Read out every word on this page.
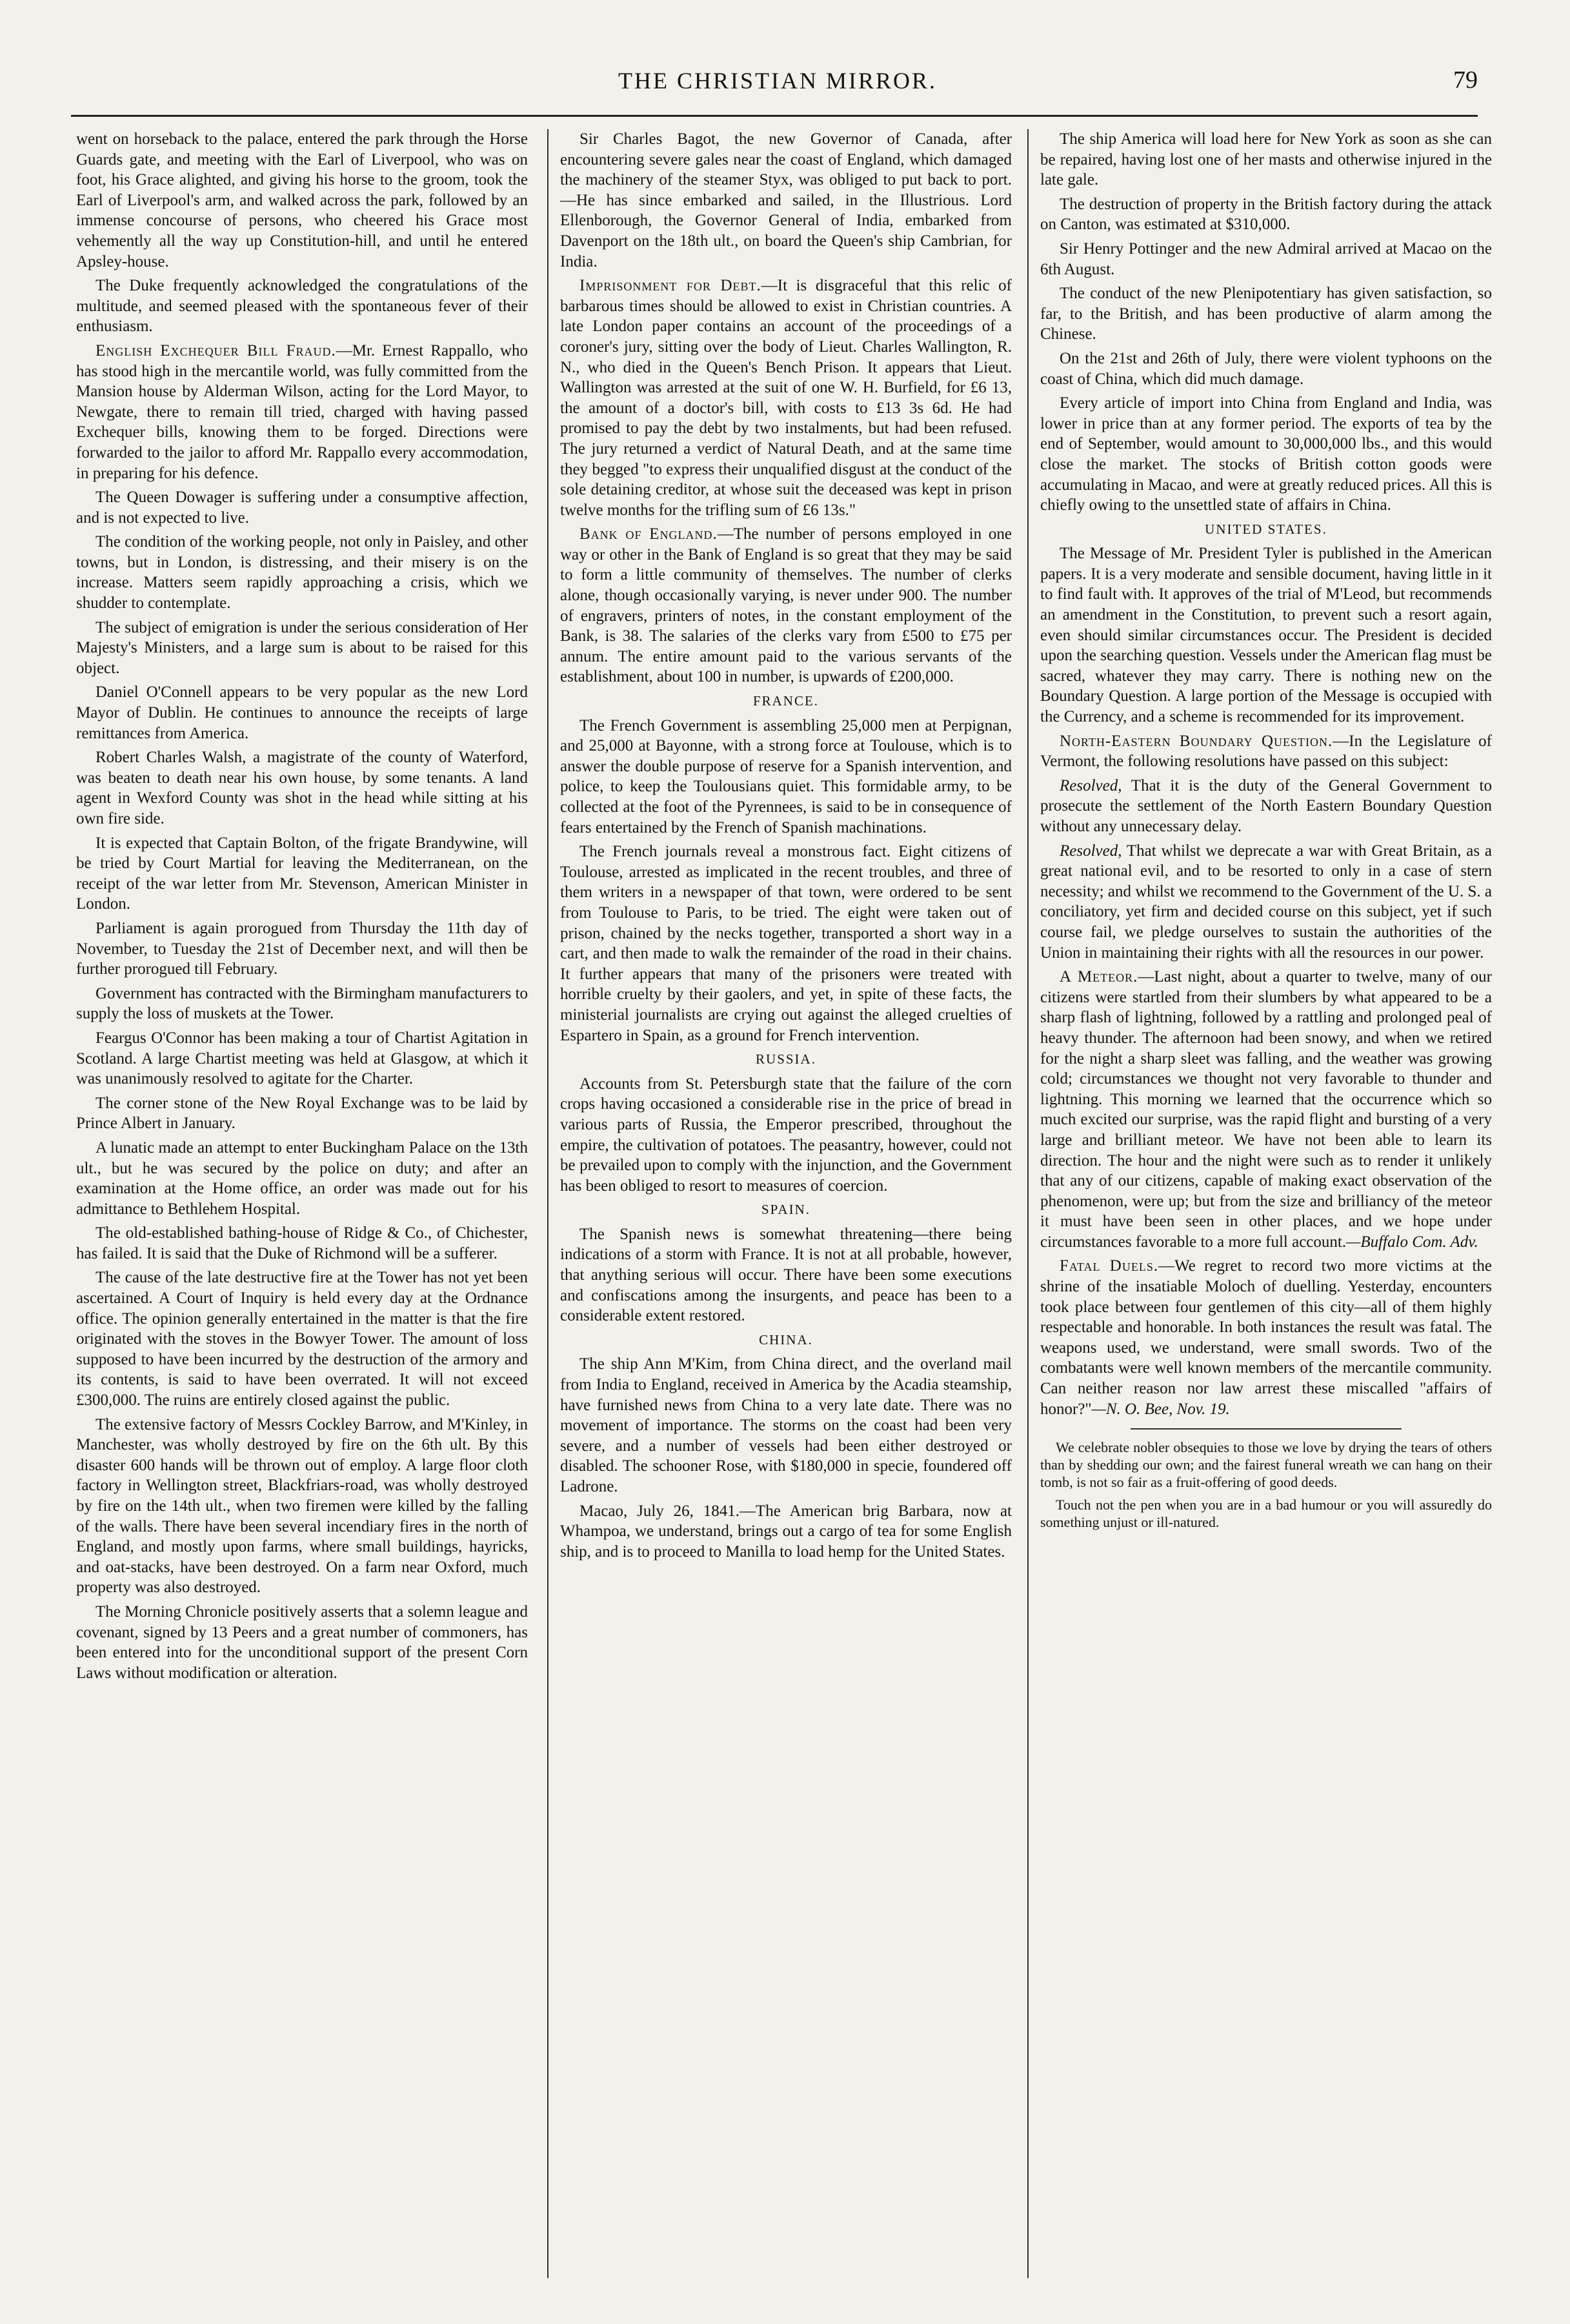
THE CHRISTIAN MIRROR.	79

went on horseback to the palace, entered the park through the Horse Guards gate, and meeting with the Earl of Liverpool, who was on foot, his Grace alighted, and giving his horse to the groom, took the Earl of Liverpool's arm, and walked across the park, followed by an immense concourse of persons, who cheered his Grace most vehemently all the way up Constitution-hill, and until he entered Apsley-house.

The Duke frequently acknowledged the congratulations of the multitude, and seemed pleased with the spontaneous fever of their enthusiasm.

English Exchequer Bill Fraud.—Mr. Ernest Rappallo, who has stood high in the mercantile world, was fully committed from the Mansion house by Alderman Wilson, acting for the Lord Mayor, to Newgate, there to remain till tried, charged with having passed Exchequer bills, knowing them to be forged. Directions were forwarded to the jailor to afford Mr. Rappallo every accommodation, in preparing for his defence.

The Queen Dowager is suffering under a consumptive affection, and is not expected to live.

The condition of the working people, not only in Paisley, and other towns, but in London, is distressing, and their misery is on the increase. Matters seem rapidly approaching a crisis, which we shudder to contemplate.

The subject of emigration is under the serious consideration of Her Majesty's Ministers, and a large sum is about to be raised for this object.

Daniel O'Connell appears to be very popular as the new Lord Mayor of Dublin. He continues to announce the receipts of large remittances from America.

Robert Charles Walsh, a magistrate of the county of Waterford, was beaten to death near his own house, by some tenants. A land agent in Wexford County was shot in the head while sitting at his own fire side.

It is expected that Captain Bolton, of the frigate Brandywine, will be tried by Court Martial for leaving the Mediterranean, on the receipt of the war letter from Mr. Stevenson, American Minister in London.

Parliament is again prorogued from Thursday the 11th day of November, to Tuesday the 21st of December next, and will then be further prorogued till February.

Government has contracted with the Birmingham manufacturers to supply the loss of muskets at the Tower.

Feargus O'Connor has been making a tour of Chartist Agitation in Scotland. A large Chartist meeting was held at Glasgow, at which it was unanimously resolved to agitate for the Charter.

The corner stone of the New Royal Exchange was to be laid by Prince Albert in January.

A lunatic made an attempt to enter Buckingham Palace on the 13th ult., but he was secured by the police on duty; and after an examination at the Home office, an order was made out for his admittance to Bethlehem Hospital.

The old-established bathing-house of Ridge & Co., of Chichester, has failed. It is said that the Duke of Richmond will be a sufferer.

The cause of the late destructive fire at the Tower has not yet been ascertained. A Court of Inquiry is held every day at the Ordnance office. The opinion generally entertained in the matter is that the fire originated with the stoves in the Bowyer Tower. The amount of loss supposed to have been incurred by the destruction of the armory and its contents, is said to have been overrated. It will not exceed £300,000. The ruins are entirely closed against the public.

The extensive factory of Messrs Cockley Barrow, and M'Kinley, in Manchester, was wholly destroyed by fire on the 6th ult. By this disaster 600 hands will be thrown out of employ. A large floor cloth factory in Wellington street, Blackfriars-road, was wholly destroyed by fire on the 14th ult., when two firemen were killed by the falling of the walls. There have been several incendiary fires in the north of England, and mostly upon farms, where small buildings, hayricks, and oat-stacks, have been destroyed. On a farm near Oxford, much property was also destroyed.

The Morning Chronicle positively asserts that a solemn league and covenant, signed by 13 Peers and a great number of commoners, has been entered into for the unconditional support of the present Corn Laws without modification or alteration.

Sir Charles Bagot, the new Governor of Canada, after encountering severe gales near the coast of England, which damaged the machinery of the steamer Styx, was obliged to put back to port. —He has since embarked and sailed, in the Illustrious. Lord Ellenborough, the Governor General of India, embarked from Davenport on the 18th ult., on board the Queen's ship Cambrian, for India.

Imprisonment for Debt.—It is disgraceful that this relic of barbarous times should be allowed to exist in Christian countries. A late London paper contains an account of the proceedings of a coroner's jury, sitting over the body of Lieut. Charles Wallington, R. N., who died in the Queen's Bench Prison. It appears that Lieut. Wallington was arrested at the suit of one W. H. Burfield, for £6 13, the amount of a doctor's bill, with costs to £13 3s 6d. He had promised to pay the debt by two instalments, but had been refused. The jury returned a verdict of Natural Death, and at the same time they begged "to express their unqualified disgust at the conduct of the sole detaining creditor, at whose suit the deceased was kept in prison twelve months for the trifling sum of £6 13s."

Bank of England.—The number of persons employed in one way or other in the Bank of England is so great that they may be said to form a little community of themselves. The number of clerks alone, though occasionally varying, is never under 900. The number of engravers, printers of notes, in the constant employment of the Bank, is 38. The salaries of the clerks vary from £500 to £75 per annum. The entire amount paid to the various servants of the establishment, about 100 in number, is upwards of £200,000.

FRANCE.

The French Government is assembling 25,000 men at Perpignan, and 25,000 at Bayonne, with a strong force at Toulouse, which is to answer the double purpose of reserve for a Spanish intervention, and police, to keep the Toulousians quiet. This formidable army, to be collected at the foot of the Pyrennees, is said to be in consequence of fears entertained by the French of Spanish machinations.

The French journals reveal a monstrous fact. Eight citizens of Toulouse, arrested as implicated in the recent troubles, and three of them writers in a newspaper of that town, were ordered to be sent from Toulouse to Paris, to be tried. The eight were taken out of prison, chained by the necks together, transported a short way in a cart, and then made to walk the remainder of the road in their chains. It further appears that many of the prisoners were treated with horrible cruelty by their gaolers, and yet, in spite of these facts, the ministerial journalists are crying out against the alleged cruelties of Espartero in Spain, as a ground for French intervention.

RUSSIA.

Accounts from St. Petersburgh state that the failure of the corn crops having occasioned a considerable rise in the price of bread in various parts of Russia, the Emperor prescribed, throughout the empire, the cultivation of potatoes. The peasantry, however, could not be prevailed upon to comply with the injunction, and the Government has been obliged to resort to measures of coercion.

SPAIN.

The Spanish news is somewhat threatening—there being indications of a storm with France. It is not at all probable, however, that anything serious will occur. There have been some executions and confiscations among the insurgents, and peace has been to a considerable extent restored.

CHINA.

The ship Ann M'Kim, from China direct, and the overland mail from India to England, received in America by the Acadia steamship, have furnished news from China to a very late date. There was no movement of importance. The storms on the coast had been very severe, and a number of vessels had been either destroyed or disabled. The schooner Rose, with $180,000 in specie, foundered off Ladrone.

Macao, July 26, 1841.—The American brig Barbara, now at Whampoa, we understand, brings out a cargo of tea for some English ship, and is to proceed to Manilla to load hemp for the United States.

The ship America will load here for New York as soon as she can be repaired, having lost one of her masts and otherwise injured in the late gale.

The destruction of property in the British factory during the attack on Canton, was estimated at $310,000.

Sir Henry Pottinger and the new Admiral arrived at Macao on the 6th August.

The conduct of the new Plenipotentiary has given satisfaction, so far, to the British, and has been productive of alarm among the Chinese.

On the 21st and 26th of July, there were violent typhoons on the coast of China, which did much damage.

Every article of import into China from England and India, was lower in price than at any former period. The exports of tea by the end of September, would amount to 30,000,000 lbs., and this would close the market. The stocks of British cotton goods were accumulating in Macao, and were at greatly reduced prices. All this is chiefly owing to the unsettled state of affairs in China.

UNITED STATES.

The Message of Mr. President Tyler is published in the American papers. It is a very moderate and sensible document, having little in it to find fault with. It approves of the trial of M'Leod, but recommends an amendment in the Constitution, to prevent such a resort again, even should similar circumstances occur. The President is decided upon the searching question. Vessels under the American flag must be sacred, whatever they may carry. There is nothing new on the Boundary Question. A large portion of the Message is occupied with the Currency, and a scheme is recommended for its improvement.

North-Eastern Boundary Question.—In the Legislature of Vermont, the following resolutions have passed on this subject:

Resolved, That it is the duty of the General Government to prosecute the settlement of the North Eastern Boundary Question without any unnecessary delay.

Resolved, That whilst we deprecate a war with Great Britain, as a great national evil, and to be resorted to only in a case of stern necessity; and whilst we recommend to the Government of the U. S. a conciliatory, yet firm and decided course on this subject, yet if such course fail, we pledge ourselves to sustain the authorities of the Union in maintaining their rights with all the resources in our power.

A Meteor.—Last night, about a quarter to twelve, many of our citizens were startled from their slumbers by what appeared to be a sharp flash of lightning, followed by a rattling and prolonged peal of heavy thunder. The afternoon had been snowy, and when we retired for the night a sharp sleet was falling, and the weather was growing cold; circumstances we thought not very favorable to thunder and lightning. This morning we learned that the occurrence which so much excited our surprise, was the rapid flight and bursting of a very large and brilliant meteor. We have not been able to learn its direction. The hour and the night were such as to render it unlikely that any of our citizens, capable of making exact observation of the phenomenon, were up; but from the size and brilliancy of the meteor it must have been seen in other places, and we hope under circumstances favorable to a more full account.—Buffalo Com. Adv.

Fatal Duels.—We regret to record two more victims at the shrine of the insatiable Moloch of duelling. Yesterday, encounters took place between four gentlemen of this city—all of them highly respectable and honorable. In both instances the result was fatal. The weapons used, we understand, were small swords. Two of the combatants were well known members of the mercantile community. Can neither reason nor law arrest these miscalled "affairs of honor?"—N. O. Bee, Nov. 19.

We celebrate nobler obsequies to those we love by drying the tears of others than by shedding our own; and the fairest funeral wreath we can hang on their tomb, is not so fair as a fruit-offering of good deeds.

Touch not the pen when you are in a bad humour or you will assuredly do something unjust or ill-natured.
